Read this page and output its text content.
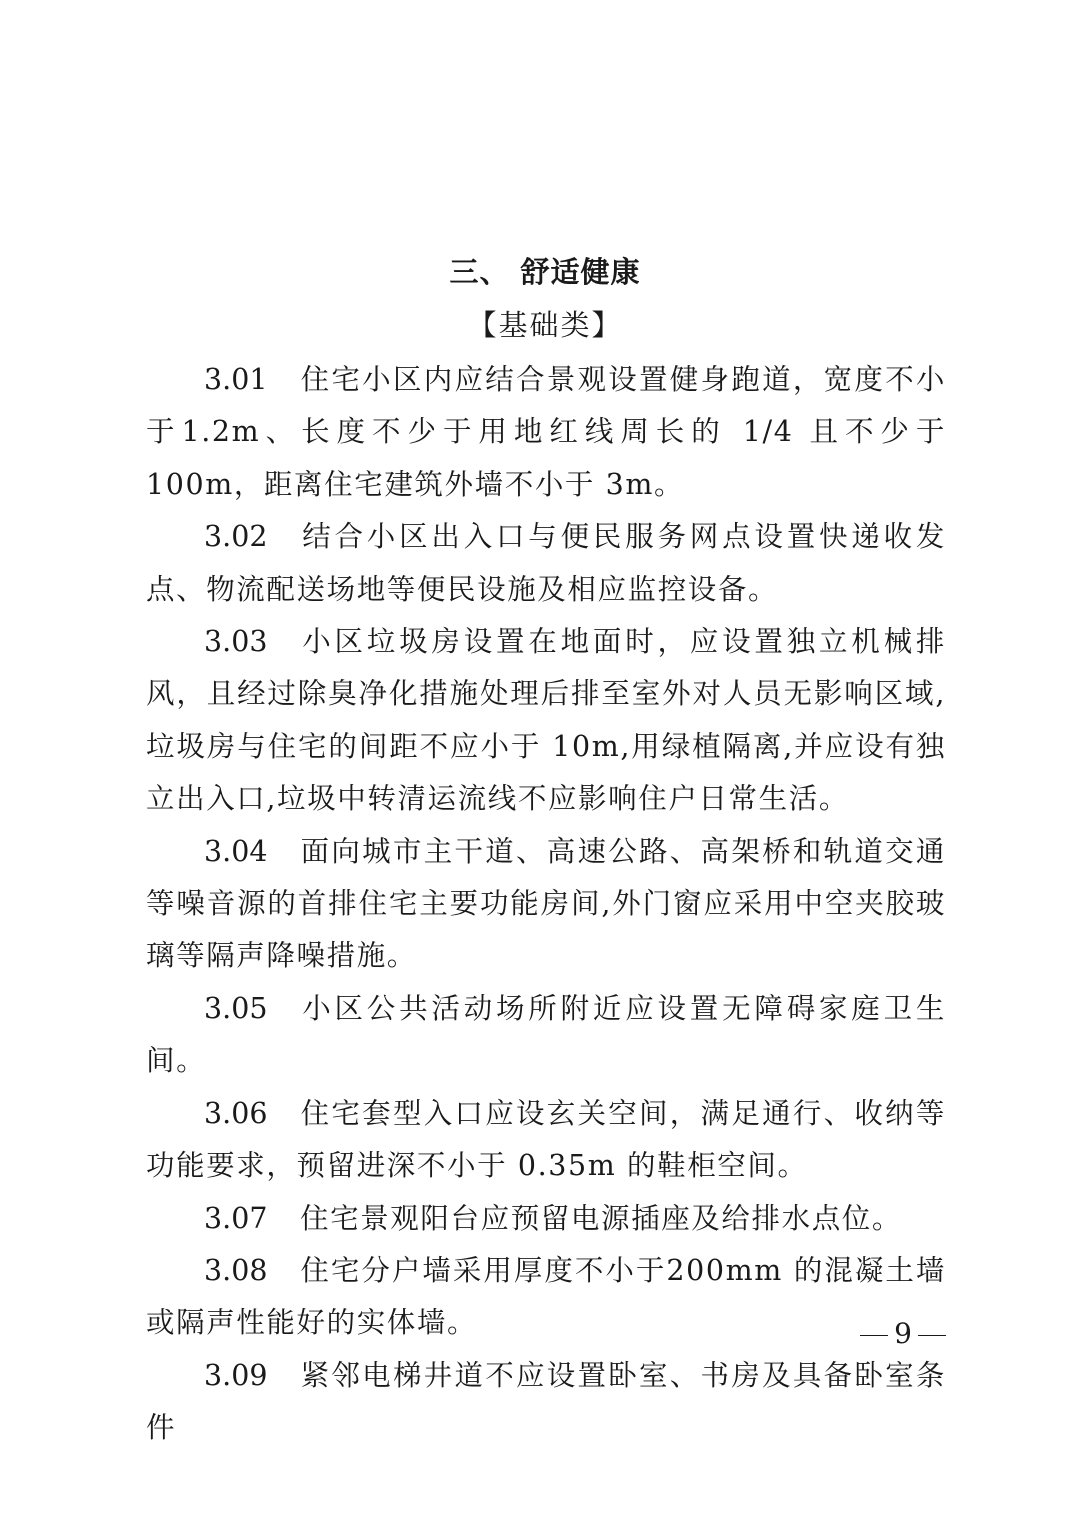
三、 舒适健康
【基础类】

3.01 住宅小区内应结合景观设置健身跑道，宽度不小于1.2m、长度不少于用地红线周长的 1/4 且不少于 100m，距离住宅建筑外墙不小于 3m。

3.02 结合小区出入口与便民服务网点设置快递收发点、物流配送场地等便民设施及相应监控设备。

3.03 小区垃圾房设置在地面时，应设置独立机械排风，且经过除臭净化措施处理后排至室外对人员无影响区域,垃圾房与住宅的间距不应小于 10m,用绿植隔离,并应设有独立出入口,垃圾中转清运流线不应影响住户日常生活。

3.04 面向城市主干道、高速公路、高架桥和轨道交通等噪音源的首排住宅主要功能房间,外门窗应采用中空夹胶玻璃等隔声降噪措施。

3.05 小区公共活动场所附近应设置无障碍家庭卫生间。

3.06 住宅套型入口应设玄关空间，满足通行、收纳等功能要求，预留进深不小于 0.35m 的鞋柜空间。

3.07 住宅景观阳台应预留电源插座及给排水点位。

3.08 住宅分户墙采用厚度不小于200mm 的混凝土墙或隔声性能好的实体墙。

3.09 紧邻电梯井道不应设置卧室、书房及具备卧室条件

9
